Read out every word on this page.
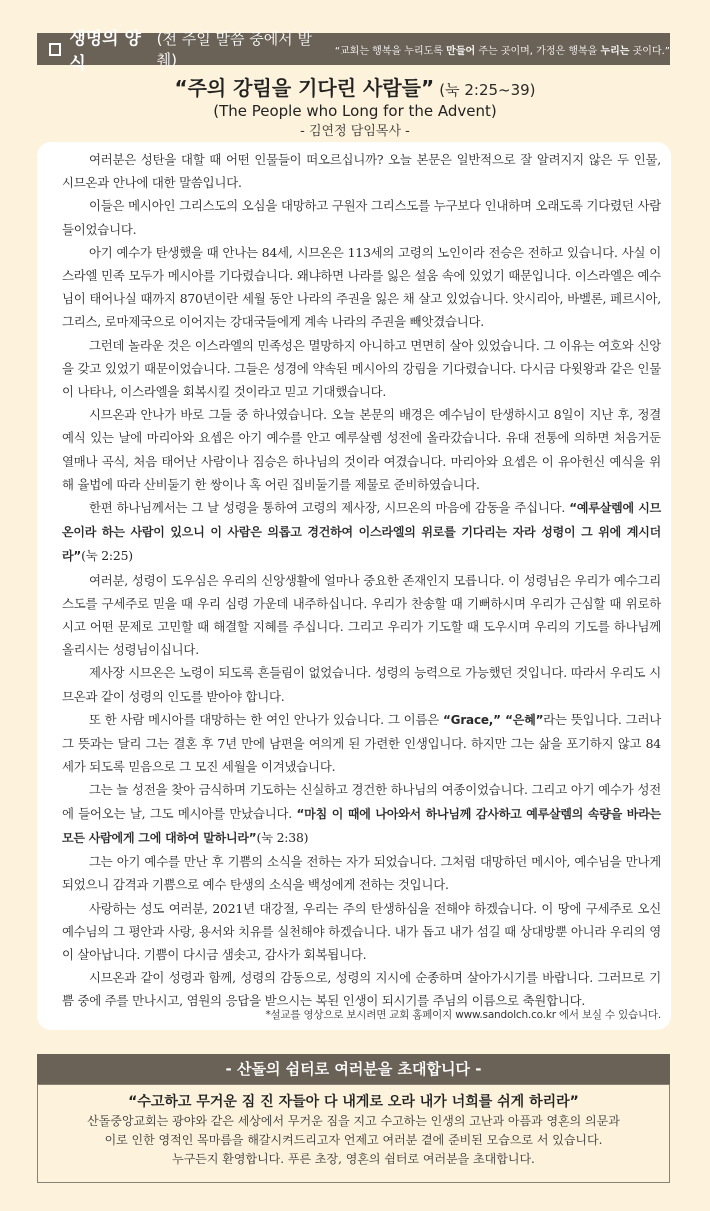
생명의 양식
(전 주일 말씀 중에서 발췌)	“교회는 행복을 누리도록 만들어 주는 곳이며, 가정은 행복을 누리는 곳이다.”
“주의 강림을 기다린 사람들” (눅 2:25~39)
(The People who Long for the Advent)
- 김연정 담임목사 -

여러분은 성탄을 대할 때 어떤 인물들이 떠오르십니까? 오늘 본문은 일반적으로 잘 알려지지 않은 두 인물, 시므온과 안나에 대한 말씀입니다.

이들은 메시아인 그리스도의 오심을 대망하고 구원자 그리스도를 누구보다 인내하며 오래도록 기다렸던 사람들이었습니다.

아기 예수가 탄생했을 때 안나는 84세, 시므온은 113세의 고령의 노인이라 전승은 전하고 있습니다. 사실 이스라엘 민족 모두가 메시아를 기다렸습니다. 왜냐하면 나라를 잃은 설움 속에 있었기 때문입니다. 이스라엘은 예수님이 태어나실 때까지 870년이란 세월 동안 나라의 주권을 잃은 채 살고 있었습니다. 앗시리아, 바벨론, 페르시아, 그리스, 로마제국으로 이어지는 강대국들에게 계속 나라의 주권을 빼앗겼습니다.

그런데 놀라운 것은 이스라엘의 민족성은 멸망하지 아니하고 면면히 살아 있었습니다. 그 이유는 여호와 신앙을 갖고 있었기 때문이었습니다. 그들은 성경에 약속된 메시아의 강림을 기다렸습니다. 다시금 다윗왕과 같은 인물이 나타나, 이스라엘을 회복시킬 것이라고 믿고 기대했습니다.

시므온과 안나가 바로 그들 중 하나였습니다. 오늘 본문의 배경은 예수님이 탄생하시고 8일이 지난 후, 정결예식 있는 날에 마리아와 요셉은 아기 예수를 안고 예루살렘 성전에 올라갔습니다. 유대 전통에 의하면 처음거둔 열매나 곡식, 처음 태어난 사람이나 짐승은 하나님의 것이라 여겼습니다. 마리아와 요셉은 이 유아헌신 예식을 위해 율법에 따라 산비둘기 한 쌍이나 혹 어린 집비둘기를 제물로 준비하였습니다.

한편 하나님께서는 그 날 성령을 통하여 고령의 제사장, 시므온의 마음에 감동을 주십니다. “예루살렘에 시므온이라 하는 사람이 있으니 이 사람은 의롭고 경건하여 이스라엘의 위로를 기다리는 자라 성령이 그 위에 계시더라”(눅 2:25)

여러분, 성령이 도우심은 우리의 신앙생활에 얼마나 중요한 존재인지 모릅니다. 이 성령님은 우리가 예수그리스도를 구세주로 믿을 때 우리 심령 가운데 내주하십니다. 우리가 찬송할 때 기뻐하시며 우리가 근심할 때 위로하시고 어떤 문제로 고민할 때 해결할 지혜를 주십니다. 그리고 우리가 기도할 때 도우시며 우리의 기도를 하나님께 올리시는 성령님이십니다.

제사장 시므온은 노령이 되도록 흔들림이 없었습니다. 성령의 능력으로 가능했던 것입니다. 따라서 우리도 시므온과 같이 성령의 인도를 받아야 합니다.

또 한 사람 메시아를 대망하는 한 여인 안나가 있습니다. 그 이름은 “Grace,” “은혜”라는 뜻입니다. 그러나 그 뜻과는 달리 그는 결혼 후 7년 만에 남편을 여의게 된 가련한 인생입니다. 하지만 그는 삶을 포기하지 않고 84세가 되도록 믿음으로 그 모진 세월을 이겨냈습니다.

그는 늘 성전을 찾아 금식하며 기도하는 신실하고 경건한 하나님의 여종이었습니다. 그리고 아기 예수가 성전에 들어오는 날, 그도 메시아를 만났습니다. “마침 이 때에 나아와서 하나님께 감사하고 예루살렘의 속량을 바라는 모든 사람에게 그에 대하여 말하니라”(눅 2:38)

그는 아기 예수를 만난 후 기쁨의 소식을 전하는 자가 되었습니다. 그처럼 대망하던 메시아, 예수님을 만나게 되었으니 감격과 기쁨으로 예수 탄생의 소식을 백성에게 전하는 것입니다.

사랑하는 성도 여러분, 2021년 대강절, 우리는 주의 탄생하심을 전해야 하겠습니다. 이 땅에 구세주로 오신 예수님의 그 평안과 사랑, 용서와 치유를 실천해야 하겠습니다. 내가 돕고 내가 섬길 때 상대방뿐 아니라 우리의 영이 살아납니다. 기쁨이 다시금 샘솟고, 감사가 회복됩니다.

시므온과 같이 성령과 함께, 성령의 감동으로, 성령의 지시에 순종하며 살아가시기를 바랍니다. 그러므로 기쁨 중에 주를 만나시고, 염원의 응답을 받으시는 복된 인생이 되시기를 주님의 이름으로 축원합니다.

*설교를 영상으로 보시려면 교회 홈페이지 www.sandolch.co.kr 에서 보실 수 있습니다.
- 산돌의 쉼터로 여러분을 초대합니다 -
“수고하고 무거운 짐 진 자들아 다 내게로 오라 내가 너희를 쉬게 하리라”
산돌중앙교회는 광야와 같은 세상에서 무거운 짐을 지고 수고하는 인생의 고난과 아픔과 영혼의 의문과
이로 인한 영적인 목마름을 해갈시켜드리고자 언제고 여러분 곁에 준비된 모습으로 서 있습니다.
누구든지 환영합니다. 푸른 초장, 영혼의 쉼터로 여러분을 초대합니다.
